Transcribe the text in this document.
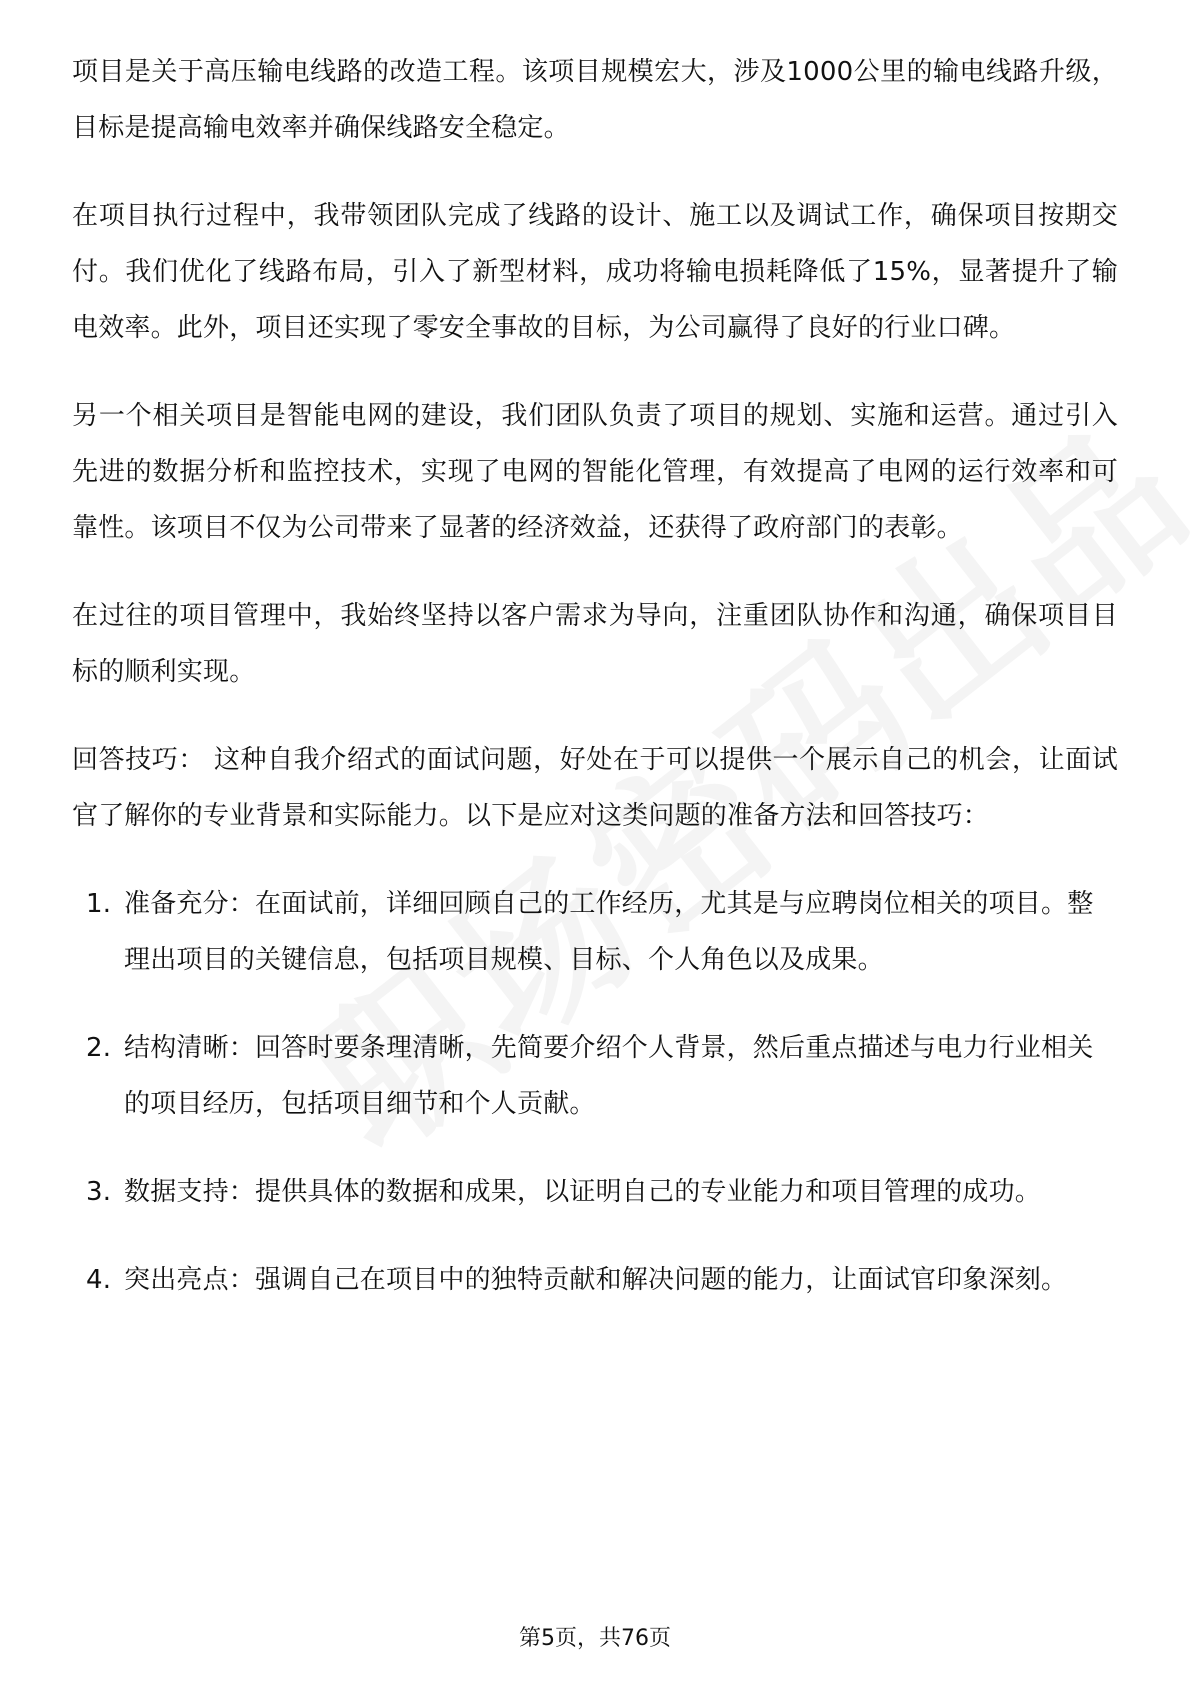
项目是关于高压输电线路的改造工程。该项目规模宏大，涉及1000公里的输电线路升级，目标是提高输电效率并确保线路安全稳定。

在项目执行过程中，我带领团队完成了线路的设计、施工以及调试工作，确保项目按期交付。我们优化了线路布局，引入了新型材料，成功将输电损耗降低了15%，显著提升了输电效率。此外，项目还实现了零安全事故的目标，为公司赢得了良好的行业口碑。

另一个相关项目是智能电网的建设，我们团队负责了项目的规划、实施和运营。通过引入先进的数据分析和监控技术，实现了电网的智能化管理，有效提高了电网的运行效率和可靠性。该项目不仅为公司带来了显著的经济效益，还获得了政府部门的表彰。

在过往的项目管理中，我始终坚持以客户需求为导向，注重团队协作和沟通，确保项目目标的顺利实现。

回答技巧： 这种自我介绍式的面试问题，好处在于可以提供一个展示自己的机会，让面试官了解你的专业背景和实际能力。以下是应对这类问题的准备方法和回答技巧：

1. 准备充分：在面试前，详细回顾自己的工作经历，尤其是与应聘岗位相关的项目。整理出项目的关键信息，包括项目规模、目标、个人角色以及成果。
2. 结构清晰：回答时要条理清晰，先简要介绍个人背景，然后重点描述与电力行业相关的项目经历，包括项目细节和个人贡献。
3. 数据支持：提供具体的数据和成果，以证明自己的专业能力和项目管理的成功。
4. 突出亮点：强调自己在项目中的独特贡献和解决问题的能力，让面试官印象深刻。
第5页，共76页
